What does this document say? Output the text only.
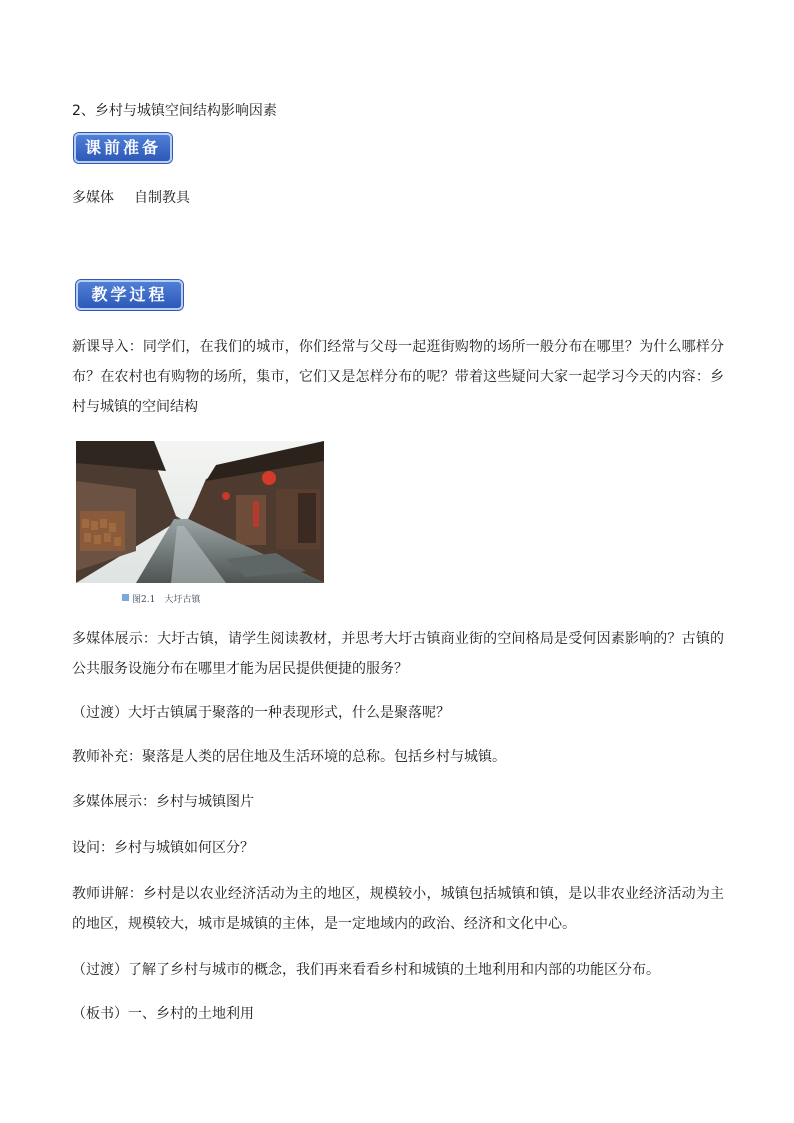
2、乡村与城镇空间结构影响因素
课前准备
多媒体 自制教具
教学过程
新课导入：同学们，在我们的城市，你们经常与父母一起逛街购物的场所一般分布在哪里？为什么哪样分布？在农村也有购物的场所，集市，它们又是怎样分布的呢？带着这些疑问大家一起学习今天的内容：乡村与城镇的空间结构
图2.1　大圩古镇
多媒体展示：大圩古镇，请学生阅读教材，并思考大圩古镇商业街的空间格局是受何因素影响的？古镇的公共服务设施分布在哪里才能为居民提供便捷的服务？
（过渡）大圩古镇属于聚落的一种表现形式，什么是聚落呢？
教师补充：聚落是人类的居住地及生活环境的总称。包括乡村与城镇。
多媒体展示：乡村与城镇图片
设问：乡村与城镇如何区分？
教师讲解：乡村是以农业经济活动为主的地区，规模较小，城镇包括城镇和镇，是以非农业经济活动为主的地区，规模较大，城市是城镇的主体，是一定地域内的政治、经济和文化中心。
（过渡）了解了乡村与城市的概念，我们再来看看乡村和城镇的土地利用和内部的功能区分布。
（板书）一、乡村的土地利用
